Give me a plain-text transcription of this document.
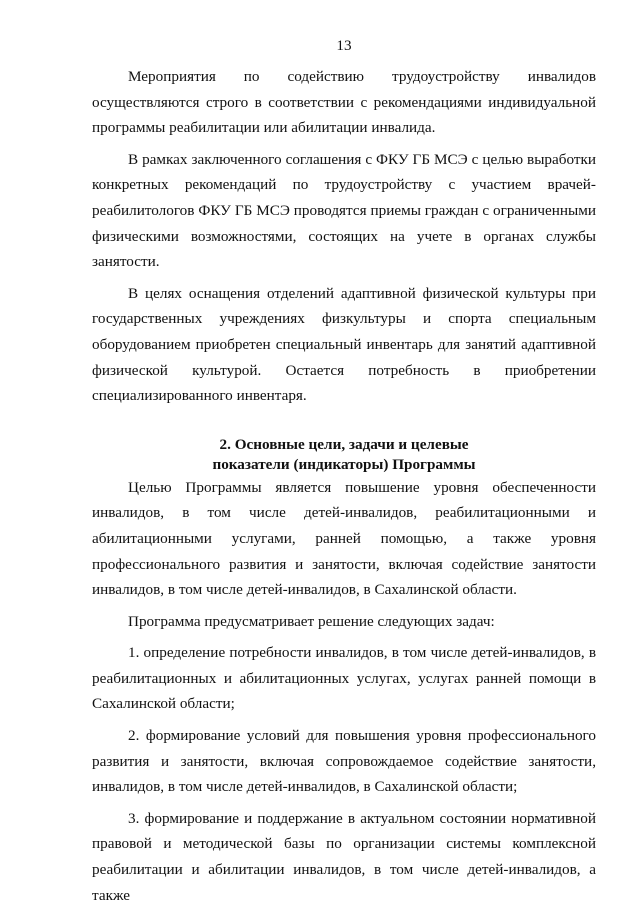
13

Мероприятия по содействию трудоустройству инвалидов осуществляются строго в соответствии с рекомендациями индивидуальной программы реабилитации или абилитации инвалида.

В рамках заключенного соглашения с ФКУ ГБ МСЭ с целью выработки конкретных рекомендаций по трудоустройству с участием врачей-реабилитологов ФКУ ГБ МСЭ проводятся приемы граждан с ограниченными физическими возможностями, состоящих на учете в органах службы занятости.

В целях оснащения отделений адаптивной физической культуры при государственных учреждениях физкультуры и спорта специальным оборудованием приобретен специальный инвентарь для занятий адаптивной физической культурой. Остается потребность в приобретении специализированного инвентаря.

2. Основные цели, задачи и целевые
показатели (индикаторы) Программы

Целью Программы является повышение уровня обеспеченности инвалидов, в том числе детей-инвалидов, реабилитационными и абилитационными услугами, ранней помощью, а также уровня профессионального развития и занятости, включая содействие занятости инвалидов, в том числе детей-инвалидов, в Сахалинской области.

Программа предусматривает решение следующих задач:

1. определение потребности инвалидов, в том числе детей-инвалидов, в реабилитационных и абилитационных услугах, услугах ранней помощи в Сахалинской области;

2. формирование условий для повышения уровня профессионального развития и занятости, включая сопровождаемое содействие занятости, инвалидов, в том числе детей-инвалидов, в Сахалинской области;

3. формирование и поддержание в актуальном состоянии нормативной правовой и методической базы по организации системы комплексной реабилитации и абилитации инвалидов, в том числе детей-инвалидов, а также
